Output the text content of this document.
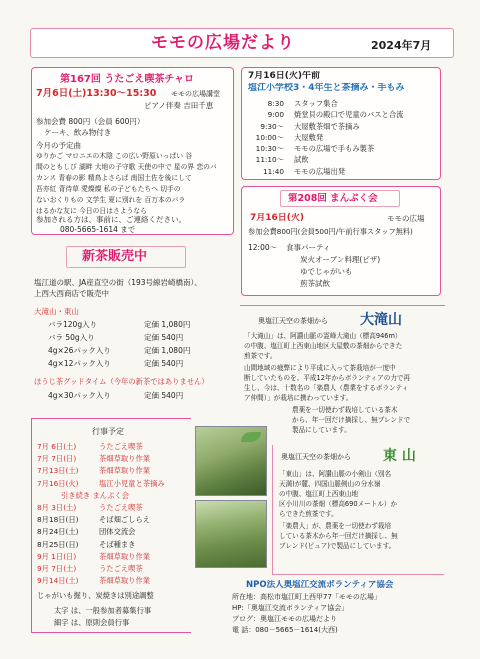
モモの広場だより	2024年7月
第167回 うたごえ喫茶チャロ
7月6日(土)13:30～15:30 モモの広場講堂
ピアノ伴奏 吉田千恵
参加会費 800円（会員 600円）
ケーキ、飲み物付き
今月の予定曲
ゆりかご マロニエの木陰 この広い野原いっぱい 谷
間のともしび 湖畔 大地の子守歌 天使の中で 星の界 恋のバ
カンス 青春の影 精鳥よさらば 南国土佐を後にして
吾亦紅 背待草 愛燦燦 私の子どもたちへ 切手の
ないおくりもの 文学生 夏に別れを 百万本のバラ
はるかな友に 今日の日はさようなら
参加される方は、事前に、ご連絡ください。
080-5665-1614 まで
新茶販売中
塩江道の駅、JA産直空の街（193号線岩崎橋南）、
上西大西商店で販売中
大滝山・東山
バラ120g入り	定価 1,080円
バラ 50g入り	定価 540円
4g×26パック入り	定価 1,080円
4g×12パック入り	定価 540円
ほうじ茶グッドタイム（今年の新茶ではありません）
4g×30パック入り	定価 540円
行事予定
7月 6日(土)	うたごえ喫茶
7月 7日(日)	茶畑草取り作業
7月13日(土)	茶畑草取り作業
7月16日(火)	塩江小児童と茶摘み
引き続き まんぷく会
8月 3日(土)	うたごえ喫茶
8月18日(日)	そば畑ごしらえ
8月24日(土)	団体交流会
8月25日(日)	そば種まき
9月 1日(日)	茶畑草取り作業
9月 7日(土)	うたごえ喫茶
9月14日(土)	茶畑草取り作業
じゃがいも掘り、炭焼きは別途調整
太字 は、一般参加者募集行事
細字 は、原則会員行事
7月16日(火)午前
塩江小学校3・4年生と茶摘み・手もみ
8:30 スタッフ集合
9:00 焼堂貝の殿口で児童のバスと合流
9:30～ 大屋敷茶畑で茶摘み
10:00～ 大屋敷発
10:30～ モモの広場で手もみ製茶
11:10～ 試飲
11:40 モモの広場出発
第208回 まんぷく会
7月16日(火)	モモの広場
参加会費800円(会員500円/午前行事スタッフ無料)
12:00～ 食事パーティ
炭火オーブン料理(ピザ)
ゆでじゃがいも
煎茶試飲
奥塩江天空の茶畑から 大滝山
「大滝山」は、阿讃山脈の霊峰大滝山（標高946m）
の中腹、塩江町上西東山地区大屋敷の茶畑からできた
煎茶です。
山間地域の疲弊により平成に入って茶栽培が一度中
断していたものを、平成12年からボランティアの力で再
生し、今は、十数名の「楽農人（農業をするボランティ
ア仲間）」が栽培に携わっています。
農薬を一切使わず栽培している茶木
から、年一回だけ摘採し、無ブレンドで
製品にしています。
奥塩江天空の茶畑から 東 山
「東山」は、阿讃山脈の小剣山（別名
天満)が麓、四国山脈剣山の分水嶺
の中腹、塩江町上西東山地
区小川川の茶畑（標高690メートル）か
らできた煎茶です。
「楽農人」が、農薬を一切使わず栽培
している茶木から年一回だけ摘採し、無
ブレンド(ピュア)で製品にしています。
NPO法人奥塩江交流ボランティア協会
所在地：高松市塩江町上西甲77「モモの広場」
HP:「奥塩江交流ボランティア協会」
ブログ：奥塩江モモの広場だより
電 話：080－5665－1614(大西)
